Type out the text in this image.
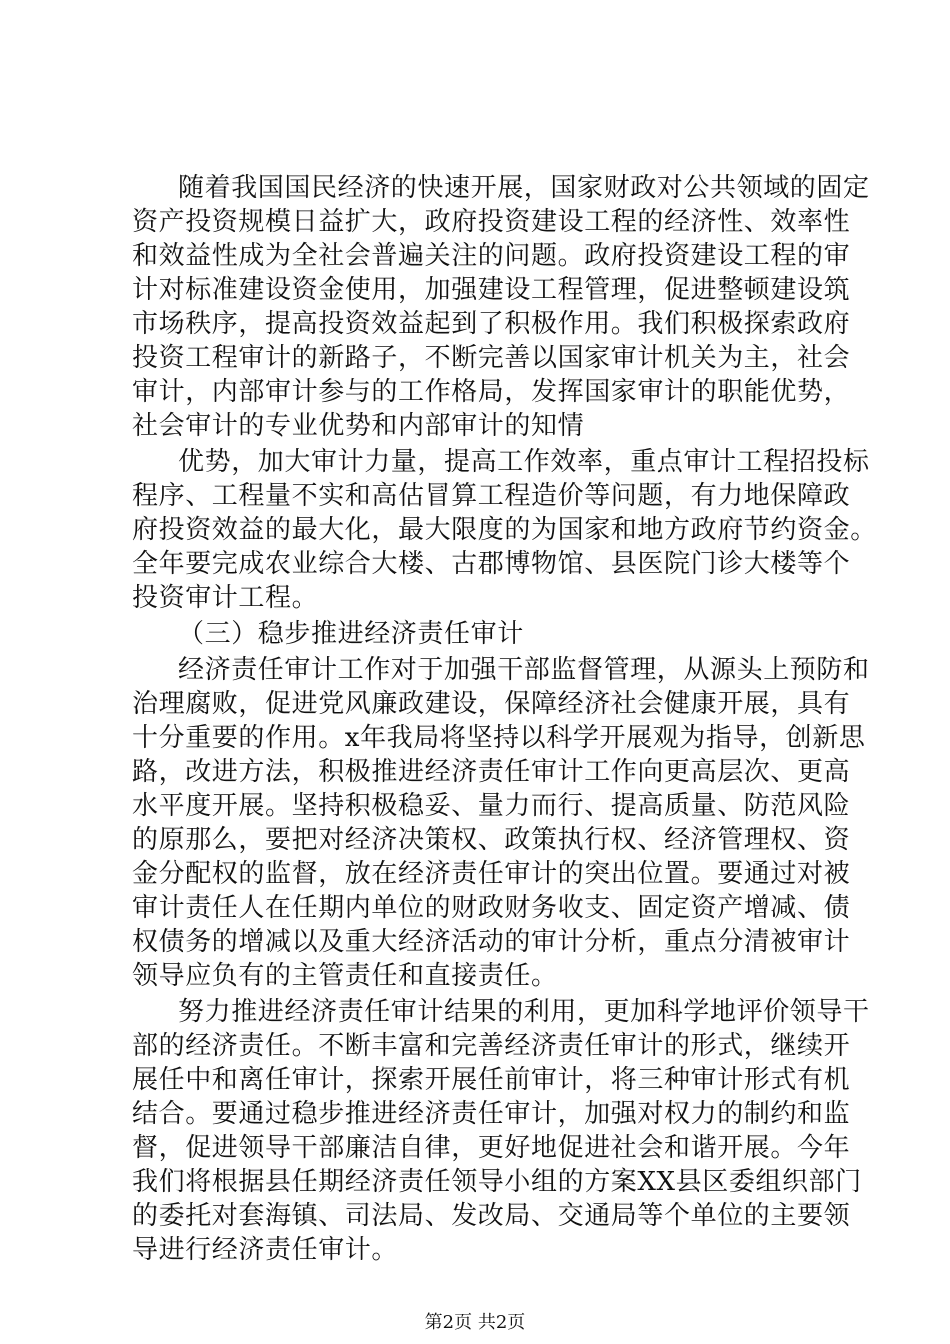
随着我国国民经济的快速开展，国家财政对公共领域的固定
资产投资规模日益扩大，政府投资建设工程的经济性、效率性
和效益性成为全社会普遍关注的问题。政府投资建设工程的审
计对标准建设资金使用，加强建设工程管理，促进整顿建设筑
市场秩序，提高投资效益起到了积极作用。我们积极探索政府
投资工程审计的新路子，不断完善以国家审计机关为主，社会
审计，内部审计参与的工作格局，发挥国家审计的职能优势，
社会审计的专业优势和内部审计的知情
优势，加大审计力量，提高工作效率，重点审计工程招投标
程序、工程量不实和高估冒算工程造价等问题，有力地保障政
府投资效益的最大化，最大限度的为国家和地方政府节约资金。
全年要完成农业综合大楼、古郡博物馆、县医院门诊大楼等个
投资审计工程。
（三）稳步推进经济责任审计
经济责任审计工作对于加强干部监督管理，从源头上预防和
治理腐败，促进党风廉政建设，保障经济社会健康开展，具有
十分重要的作用。x年我局将坚持以科学开展观为指导，创新思
路，改进方法，积极推进经济责任审计工作向更高层次、更高
水平度开展。坚持积极稳妥、量力而行、提高质量、防范风险
的原那么，要把对经济决策权、政策执行权、经济管理权、资
金分配权的监督，放在经济责任审计的突出位置。要通过对被
审计责任人在任期内单位的财政财务收支、固定资产增减、债
权债务的增减以及重大经济活动的审计分析，重点分清被审计
领导应负有的主管责任和直接责任。
努力推进经济责任审计结果的利用，更加科学地评价领导干
部的经济责任。不断丰富和完善经济责任审计的形式，继续开
展任中和离任审计，探索开展任前审计，将三种审计形式有机
结合。要通过稳步推进经济责任审计，加强对权力的制约和监
督，促进领导干部廉洁自律，更好地促进社会和谐开展。今年
我们将根据县任期经济责任领导小组的方案XX县区委组织部门
的委托对套海镇、司法局、发改局、交通局等个单位的主要领
导进行经济责任审计。
第2页 共2页
